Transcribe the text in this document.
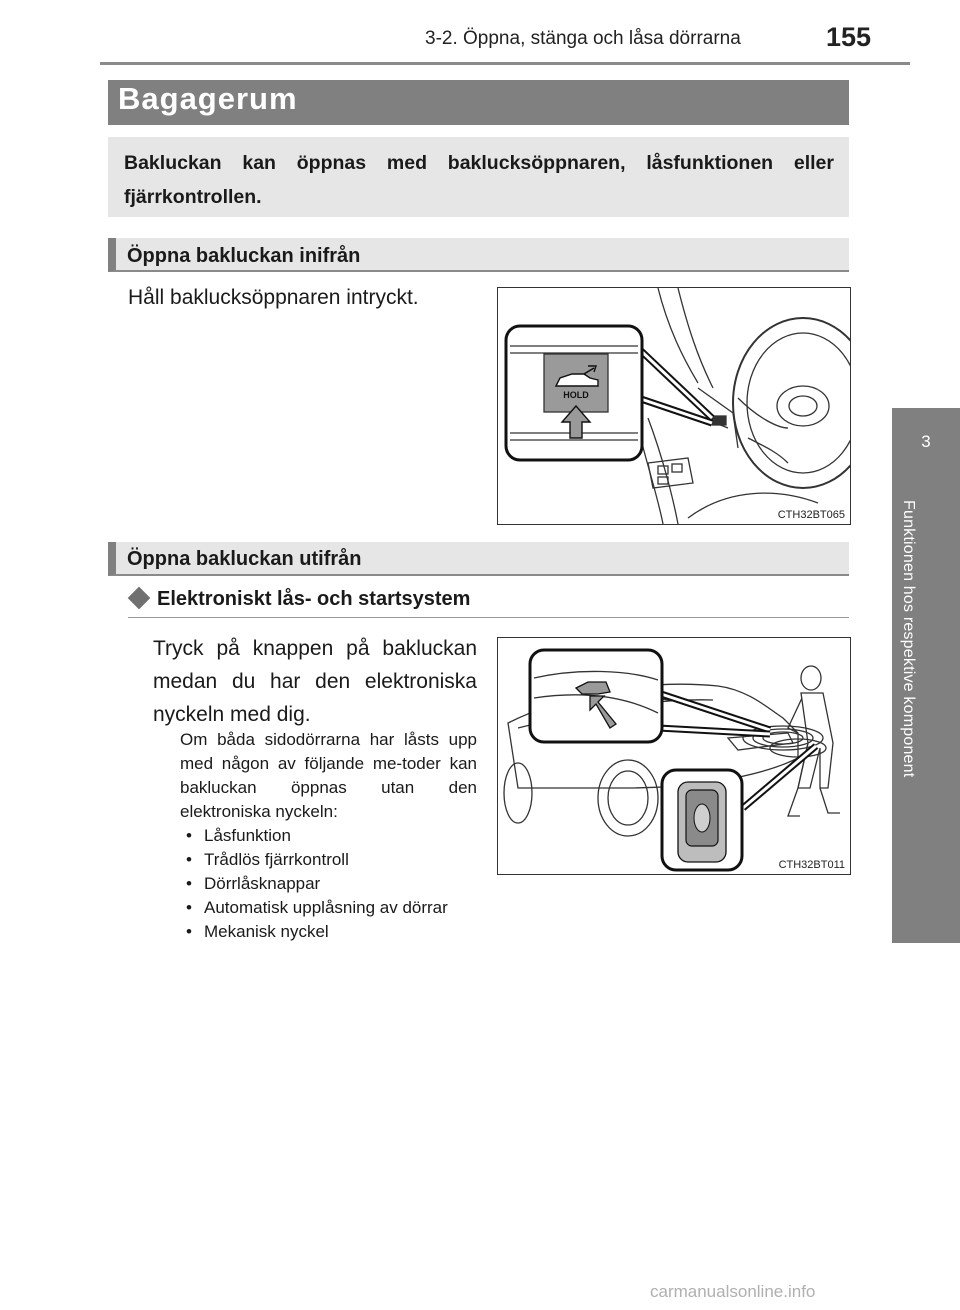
3-2. Öppna, stänga och låsa dörrarna	155
3
Funktionen hos respektive komponent
Bagagerum
Bakluckan kan öppnas med baklucksöppnaren, låsfunktionen eller fjärrkontrollen.
Öppna bakluckan inifrån
Håll baklucksöppnaren intryckt.
HOLD
CTH32BT065
Öppna bakluckan utifrån
Elektroniskt lås- och startsystem
Tryck på knappen på bakluckan medan du har den elektroniska nyckeln med dig.
Om båda sidodörrarna har låsts upp med någon av följande me-toder kan bakluckan öppnas utan den elektroniska nyckeln:
• Låsfunktion
• Trådlös fjärrkontroll
• Dörrlåsknappar
• Automatisk upplåsning av dörrar
• Mekanisk nyckel
CTH32BT011
carmanualsonline.info
